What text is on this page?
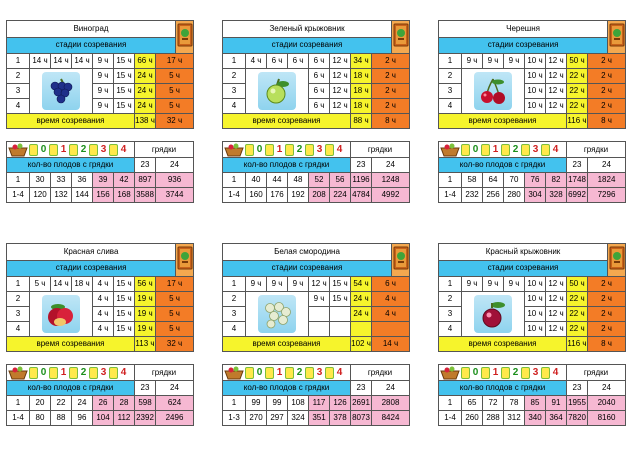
Виноград	
стадии созревания								
1	14 ч	14 ч	14 ч	9 ч	15 ч	66 ч	17 ч	
2				9 ч	15 ч	24 ч	5 ч	
3				9 ч	15 ч	24 ч	5 ч	
4				9 ч	15 ч	24 ч	5 ч	
время созревания						138 ч	32 ч	
0 1 2 3 4						грядки	
кол-во плодов с грядки						23	24
1	30	33	36	39	42	897	936
1-4	120	132	144	156	168	3588	3744
Зеленый крыжовник	
стадии созревания								
1	4 ч	6 ч	6 ч	6 ч	12 ч	34 ч	2 ч	
2				6 ч	12 ч	18 ч	2 ч	
3				6 ч	12 ч	18 ч	2 ч	
4				6 ч	12 ч	18 ч	2 ч	
время созревания						88 ч	8 ч	
0 1 2 3 4						грядки	
кол-во плодов с грядки						23	24
1	40	44	48	52	56	1196	1248
1-4	160	176	192	208	224	4784	4992
Черешня	
стадии созревания								
1	9 ч	9 ч	9 ч	10 ч	12 ч	50 ч	2 ч	
2				10 ч	12 ч	22 ч	2 ч	
3				10 ч	12 ч	22 ч	2 ч	
4				10 ч	12 ч	22 ч	2 ч	
время созревания						116 ч	8 ч	
0 1 2 3 4						грядки	
кол-во плодов с грядки						23	24
1	58	64	70	76	82	1748	1824
1-4	232	256	280	304	328	6992	7296
Красная слива	
стадии созревания								
1	5 ч	14 ч	18 ч	4 ч	15 ч	56 ч	17 ч	
2				4 ч	15 ч	19 ч	5 ч	
3				4 ч	15 ч	19 ч	5 ч	
4				4 ч	15 ч	19 ч	5 ч	
время созревания						113 ч	32 ч	
0 1 2 3 4						грядки	
кол-во плодов с грядки						23	24
1	20	22	24	26	28	598	624
1-4	80	88	96	104	112	2392	2496
Белая смородина	
стадии созревания								
1	9 ч	9 ч	9 ч	12 ч	15 ч	54 ч	6 ч	
2				9 ч	15 ч	24 ч	4 ч	
3						24 ч	4 ч	
4								
время созревания						102 ч	14 ч	
0 1 2 3 4						грядки	
кол-во плодов с грядки						23	24
1	99	99	108	117	126	2691	2808
1-3	270	297	324	351	378	8073	8424
Красный крыжовник	
стадии созревания								
1	9 ч	9 ч	9 ч	10 ч	12 ч	50 ч	2 ч	
2				10 ч	12 ч	22 ч	2 ч	
3				10 ч	12 ч	22 ч	2 ч	
4				10 ч	12 ч	22 ч	2 ч	
время созревания						116 ч	8 ч	
0 1 2 3 4						грядки	
кол-во плодов с грядки						23	24
1	65	72	78	85	91	1955	2040
1-4	260	288	312	340	364	7820	8160
